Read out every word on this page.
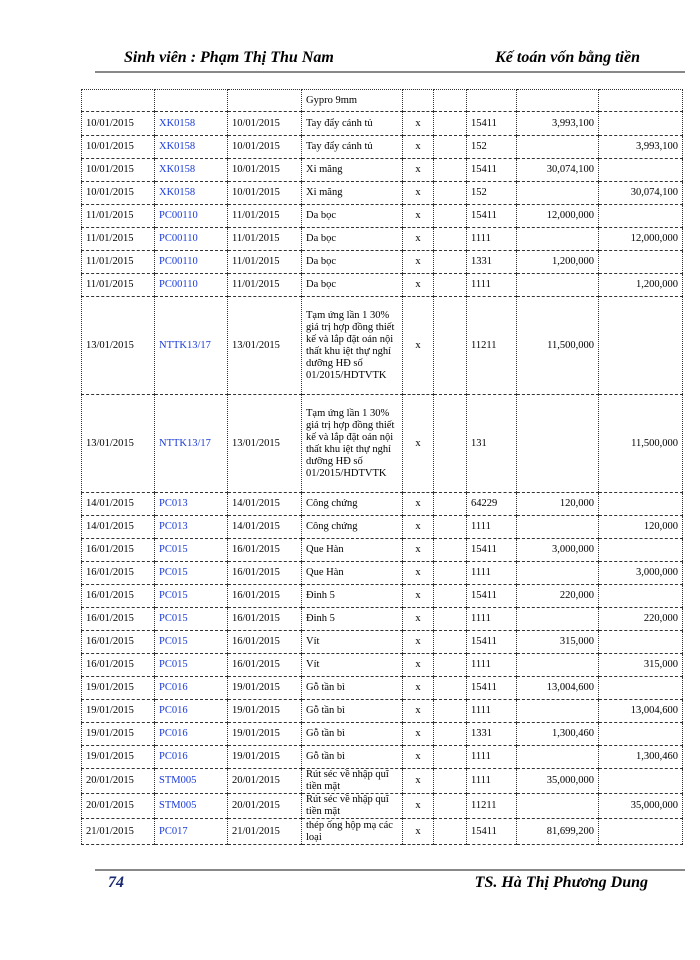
Sinh viên : Phạm Thị Thu Nam	Kế toán vốn bằng tiền
			Gypro 9mm					
10/01/2015	XK0158	10/01/2015	Tay đẩy cánh tủ	x		15411	3,993,100	
10/01/2015	XK0158	10/01/2015	Tay đẩy cánh tủ	x		152		3,993,100
10/01/2015	XK0158	10/01/2015	Xi măng	x		15411	30,074,100	
10/01/2015	XK0158	10/01/2015	Xi măng	x		152		30,074,100
11/01/2015	PC00110	11/01/2015	Da bọc	x		15411	12,000,000	
11/01/2015	PC00110	11/01/2015	Da bọc	x		1111		12,000,000
11/01/2015	PC00110	11/01/2015	Da bọc	x		1331	1,200,000	
11/01/2015	PC00110	11/01/2015	Da bọc	x		1111		1,200,000
13/01/2015	NTTK13/17	13/01/2015	Tạm ứng lần 1 30% giá trị hợp đồng thiết kế và lắp đặt oán nội thất khu iệt thự nghỉ dưỡng HĐ số 01/2015/HDTVTK	x		11211	11,500,000	
13/01/2015	NTTK13/17	13/01/2015	Tạm ứng lần 1 30% giá trị hợp đồng thiết kế và lắp đặt oán nội thất khu iệt thự nghỉ dưỡng HĐ số 01/2015/HDTVTK	x		131		11,500,000
14/01/2015	PC013	14/01/2015	Công chứng	x		64229	120,000	
14/01/2015	PC013	14/01/2015	Công chứng	x		1111		120,000
16/01/2015	PC015	16/01/2015	Que Hàn	x		15411	3,000,000	
16/01/2015	PC015	16/01/2015	Que Hàn	x		1111		3,000,000
16/01/2015	PC015	16/01/2015	Đinh 5	x		15411	220,000	
16/01/2015	PC015	16/01/2015	Đinh 5	x		1111		220,000
16/01/2015	PC015	16/01/2015	Vít	x		15411	315,000	
16/01/2015	PC015	16/01/2015	Vít	x		1111		315,000
19/01/2015	PC016	19/01/2015	Gỗ tần bì	x		15411	13,004,600	
19/01/2015	PC016	19/01/2015	Gỗ tần bì	x		1111		13,004,600
19/01/2015	PC016	19/01/2015	Gỗ tần bì	x		1331	1,300,460	
19/01/2015	PC016	19/01/2015	Gỗ tần bì	x		1111		1,300,460
20/01/2015	STM005	20/01/2015	Rút séc về nhập quĩ tiền mặt	x		1111	35,000,000	
20/01/2015	STM005	20/01/2015	Rút séc về nhập quĩ tiền mặt	x		11211		35,000,000
21/01/2015	PC017	21/01/2015	thép ống hộp mạ các loại	x		15411	81,699,200	
74	TS. Hà Thị Phương Dung
